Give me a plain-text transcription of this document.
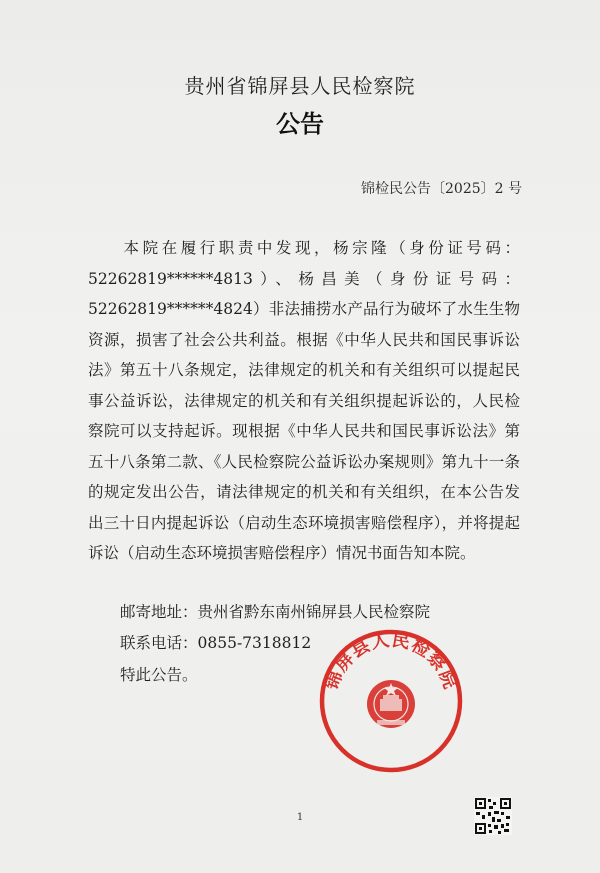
贵州省锦屏县人民检察院
公告
锦检民公告〔2025〕2 号
本院在履行职责中发现，杨宗隆（身份证号码：52262819******4813）、杨昌美（身份证号码：52262819******4824）非法捕捞水产品行为破坏了水生生物资源，损害了社会公共利益。根据《中华人民共和国民事诉讼法》第五十八条规定，法律规定的机关和有关组织可以提起民事公益诉讼，法律规定的机关和有关组织提起诉讼的，人民检察院可以支持起诉。现根据《中华人民共和国民事诉讼法》第五十八条第二款、《人民检察院公益诉讼办案规则》第九十一条的规定发出公告，请法律规定的机关和有关组织，在本公告发出三十日内提起诉讼（启动生态环境损害赔偿程序），并将提起诉讼（启动生态环境损害赔偿程序）情况书面告知本院。
邮寄地址：贵州省黔东南州锦屏县人民检察院
联系电话：0855-7318812
特此公告。	锦屏县人民检察院
1
